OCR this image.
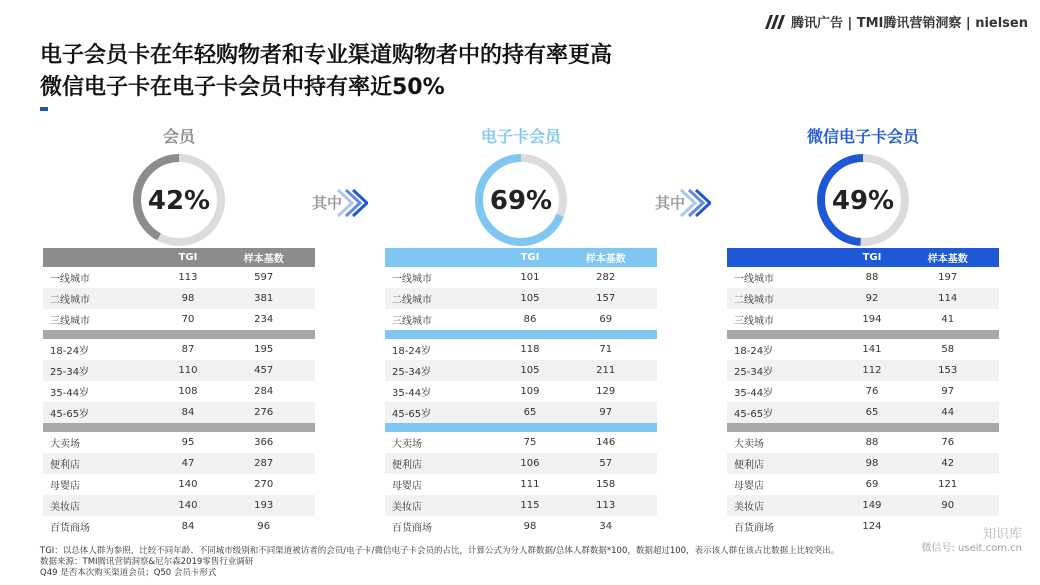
腾讯广告 | TMI腾讯营销洞察 | nielsen
电子会员卡在年轻购物者和专业渠道购物者中的持有率更高
微信电子卡在电子卡会员中持有率近50%
会员
42%
	TGI	样本基数
一线城市	113	597
二线城市	98	381
三线城市	70	234

18-24岁	87	195
25-34岁	110	457
35-44岁	108	284
45-65岁	84	276

大卖场	95	366
便利店	47	287
母婴店	140	270
美妆店	140	193
百货商场	84	96
电子卡会员
69%
	TGI	样本基数
一线城市	101	282
二线城市	105	157
三线城市	86	69

18-24岁	118	71
25-34岁	105	211
35-44岁	109	129
45-65岁	65	97

大卖场	75	146
便利店	106	57
母婴店	111	158
美妆店	115	113
百货商场	98	34
微信电子卡会员
49%
	TGI	样本基数
一线城市	88	197
二线城市	92	114
三线城市	194	41

18-24岁	141	58
25-34岁	112	153
35-44岁	76	97
45-65岁	65	44

大卖场	88	76
便利店	98	42
母婴店	69	121
美妆店	149	90
百货商场	124	
其中	其中
TGI：以总体人群为参照，比较不同年龄、不同城市级别和不同渠道被访者的会员/电子卡/微信电子卡会员的占比，计算公式为分人群数据/总体人群数据*100，数据超过100，表示该人群在该占比数据上比较突出。
数据来源：TMI腾讯营销洞察&尼尔森2019零售行业调研
Q49 是否本次购买渠道会员；Q50 会员卡形式
知识库
微信号: useit.com.cn
